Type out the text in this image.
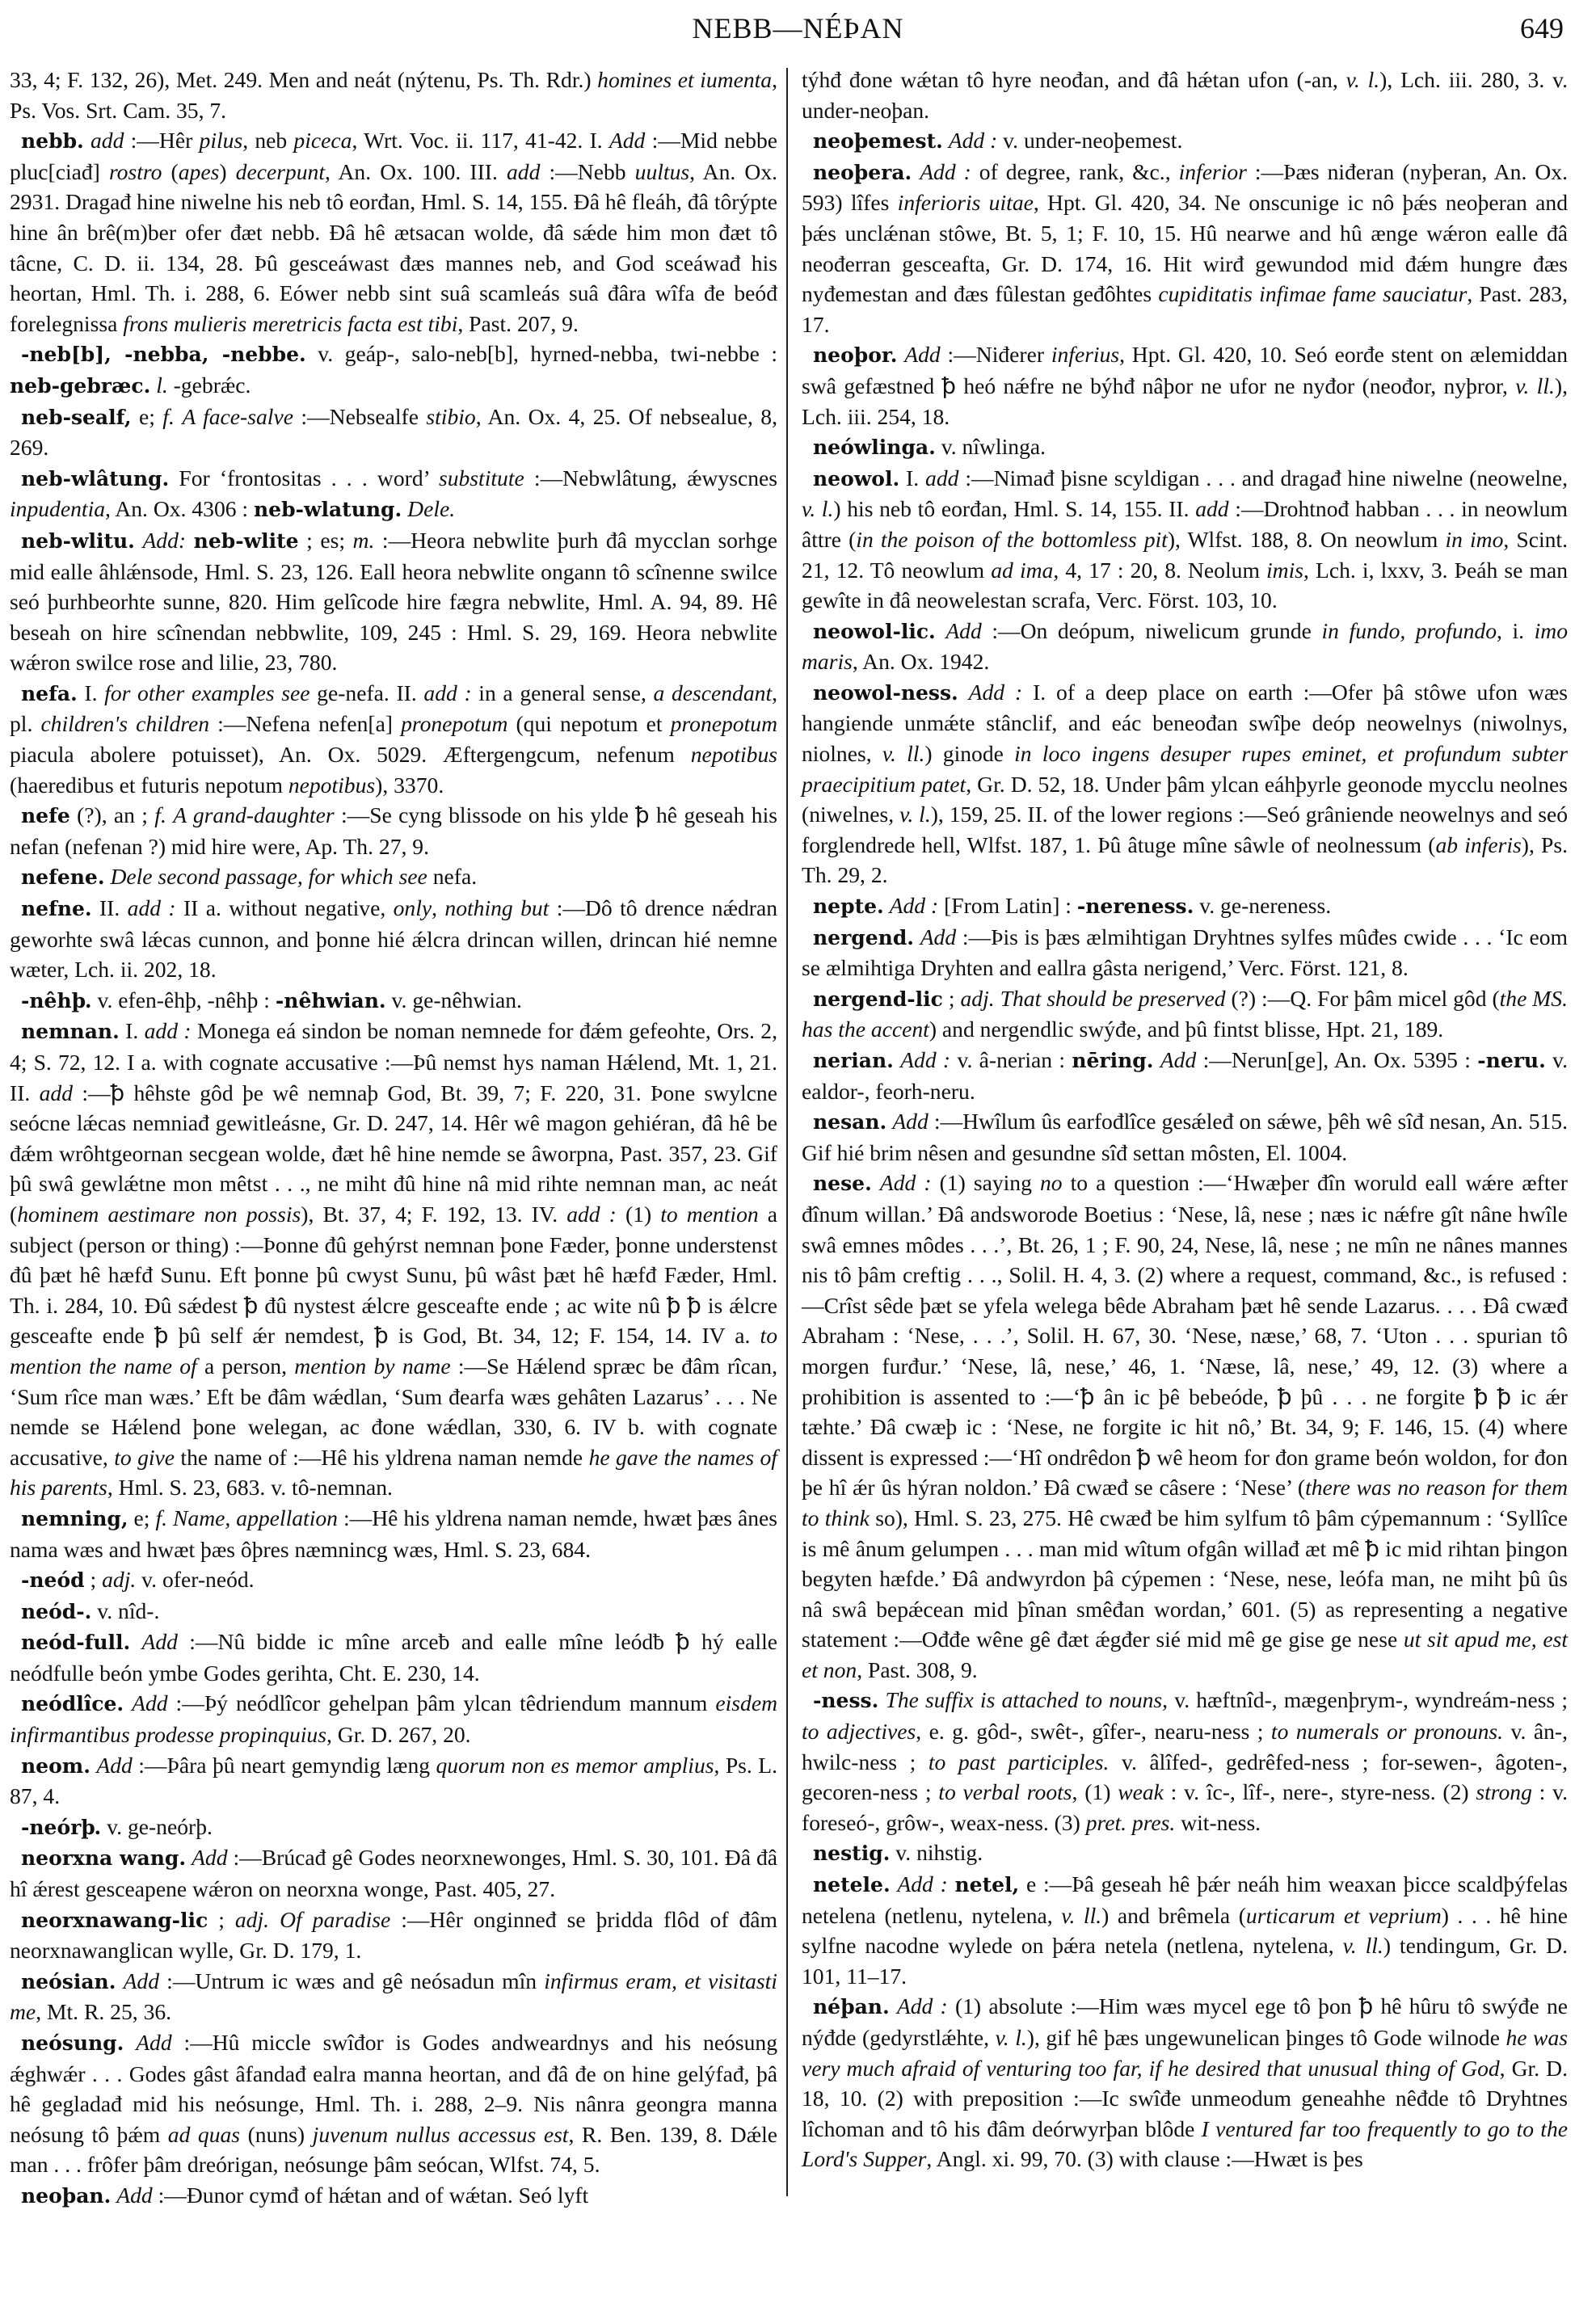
NEBB—NÉÞAN	649

33, 4; F. 132, 26), Met. 249. Men and neát (nýtenu, Ps. Th. Rdr.) homines et iumenta, Ps. Vos. Srt. Cam. 35, 7.

nebb. add :—Hêr pilus, neb piceca, Wrt. Voc. ii. 117, 41-42. I. Add :—Mid nebbe pluc[ciađ] rostro (apes) decerpunt, An. Ox. 100. III. add :—Nebb uultus, An. Ox. 2931. Dragađ hine niwelne his neb tô eorđan, Hml. S. 14, 155. Đâ hê fleáh, đâ tôrýpte hine ân brê(m)ber ofer đæt nebb. Đâ hê ætsacan wolde, đâ sǽde him mon đæt tô tâcne, C. D. ii. 134, 28. Þû gesceáwast đæs mannes neb, and God sceáwađ his heortan, Hml. Th. i. 288, 6. Eówer nebb sint suâ scamleás suâ đâra wîfa đe beóđ forelegnissa frons mulieris meretricis facta est tibi, Past. 207, 9.

-neb[b], -nebba, -nebbe. v. geáp-, salo-neb[b], hyrned-nebba, twi-nebbe : neb-gebræc. l. -gebrǽc.

neb-sealf, e; f. A face-salve :—Nebsealfe stibio, An. Ox. 4, 25. Of nebsealue, 8, 269.

neb-wlâtung. For ‘frontositas . . . word’ substitute :—Nebwlâtung, ǽwyscnes inpudentia, An. Ox. 4306 : neb-wlatung. Dele.

neb-wlitu. Add: neb-wlite ; es; m. :—Heora nebwlite þurh đâ mycclan sorhge mid ealle âhlǽnsode, Hml. S. 23, 126. Eall heora nebwlite ongann tô scînenne swilce seó þurhbeorhte sunne, 820. Him gelîcode hire fægra nebwlite, Hml. A. 94, 89. Hê beseah on hire scînendan nebbwlite, 109, 245 : Hml. S. 29, 169. Heora nebwlite wǽron swilce rose and lilie, 23, 780.

nefa. I. for other examples see ge-nefa. II. add : in a general sense, a descendant, pl. children's children :—Nefena nefen[a] pronepotum (qui nepotum et pronepotum piacula abolere potuisset), An. Ox. 5029. Æftergengcum, nefenum nepotibus (haeredibus et futuris nepotum nepotibus), 3370.

nefe (?), an ; f. A grand-daughter :—Se cyng blissode on his ylde ꝥ hê geseah his nefan (nefenan ?) mid hire were, Ap. Th. 27, 9.

nefene. Dele second passage, for which see nefa.

nefne. II. add : II a. without negative, only, nothing but :—Dô tô drence nǽdran geworhte swâ lǽcas cunnon, and þonne hié ǽlcra drincan willen, drincan hié nemne wæter, Lch. ii. 202, 18.

-nêhþ. v. efen-êhþ, -nêhþ : -nêhwian. v. ge-nêhwian.

nemnan. I. add : Monega eá sindon be noman nemnede for đǽm gefeohte, Ors. 2, 4; S. 72, 12. I a. with cognate accusative :—Þû nemst hys naman Hǽlend, Mt. 1, 21. II. add :—ꝥ hêhste gôd þe wê nemnaþ God, Bt. 39, 7; F. 220, 31. Þone swylcne seócne lǽcas nemniađ gewitleásne, Gr. D. 247, 14. Hêr wê magon gehiéran, đâ hê be đǽm wrôhtgeornan secgean wolde, đæt hê hine nemde se âworpna, Past. 357, 23. Gif þû swâ gewlǽtne mon mêtst . . ., ne miht đû hine nâ mid rihte nemnan man, ac neát (hominem aestimare non possis), Bt. 37, 4; F. 192, 13. IV. add : (1) to mention a subject (person or thing) :—Þonne đû gehýrst nemnan þone Fæder, þonne understenst đû þæt hê hæfđ Sunu. Eft þonne þû cwyst Sunu, þû wâst þæt hê hæfđ Fæder, Hml. Th. i. 284, 10. Đû sǽdest ꝥ đû nystest ǽlcre gesceafte ende ; ac wite nû ꝥ ꝥ is ǽlcre gesceafte ende ꝥ þû self ǽr nemdest, ꝥ is God, Bt. 34, 12; F. 154, 14. IV a. to mention the name of a person, mention by name :—Se Hǽlend spræc be đâm rîcan, ‘Sum rîce man wæs.’ Eft be đâm wǽdlan, ‘Sum đearfa wæs gehâten Lazarus’ . . . Ne nemde se Hǽlend þone welegan, ac đone wǽdlan, 330, 6. IV b. with cognate accusative, to give the name of :—Hê his yldrena naman nemde he gave the names of his parents, Hml. S. 23, 683. v. tô-nemnan.

nemning, e; f. Name, appellation :—Hê his yldrena naman nemde, hwæt þæs ânes nama wæs and hwæt þæs ôþres næmnincg wæs, Hml. S. 23, 684.

-neód ; adj. v. ofer-neód.

neód-. v. nîd-.

neód-full. Add :—Nû bidde ic mîne arceƀ and ealle mîne leódƀ ꝥ hý ealle neódfulle beón ymbe Godes gerihta, Cht. E. 230, 14.

neódlîce. Add :—Þý neódlîcor gehelpan þâm ylcan têdriendum mannum eisdem infirmantibus prodesse propinquius, Gr. D. 267, 20.

neom. Add :—Þâra þû neart gemyndig læng quorum non es memor amplius, Ps. L. 87, 4.

-neórþ. v. ge-neórþ.

neorxna wang. Add :—Brúcađ gê Godes neorxnewonges, Hml. S. 30, 101. Đâ đâ hî ǽrest gesceapene wǽron on neorxna wonge, Past. 405, 27.

neorxnawang-lic ; adj. Of paradise :—Hêr onginneđ se þridda flôd of đâm neorxnawanglican wylle, Gr. D. 179, 1.

neósian. Add :—Untrum ic wæs and gê neósadun mîn infirmus eram, et visitasti me, Mt. R. 25, 36.

neósung. Add :—Hû miccle swîđor is Godes andweardnys and his neósung ǽghwǽr . . . Godes gâst âfandađ ealra manna heortan, and đâ đe on hine gelýfađ, þâ hê gegladađ mid his neósunge, Hml. Th. i. 288, 2–9. Nis nânra geongra manna neósung tô þǽm ad quas (nuns) juvenum nullus accessus est, R. Ben. 139, 8. Dǽle man . . . frôfer þâm dreórigan, neósunge þâm seócan, Wlfst. 74, 5.

neoþan. Add :—Đunor cymđ of hǽtan and of wǽtan. Seó lyft

týhđ đone wǽtan tô hyre neođan, and đâ hǽtan ufon (-an, v. l.), Lch. iii. 280, 3. v. under-neoþan.

neoþemest. Add : v. under-neoþemest.

neoþera. Add : of degree, rank, &c., inferior :—Þæs niđeran (nyþeran, An. Ox. 593) lîfes inferioris uitae, Hpt. Gl. 420, 34. Ne onscunige ic nô þǽs neoþeran and þǽs unclǽnan stôwe, Bt. 5, 1; F. 10, 15. Hû nearwe and hû ænge wǽron ealle đâ neođerran gesceafta, Gr. D. 174, 16. Hit wirđ gewundod mid đǽm hungre đæs nyđemestan and đæs fûlestan geđôhtes cupiditatis infimae fame sauciatur, Past. 283, 17.

neoþor. Add :—Niđerer inferius, Hpt. Gl. 420, 10. Seó eorđe stent on ælemiddan swâ gefæstned ꝥ heó nǽfre ne býhđ nâþor ne ufor ne nyđor (neođor, nyþror, v. ll.), Lch. iii. 254, 18.

neówlinga. v. nîwlinga.

neowol. I. add :—Nimađ þisne scyldigan . . . and dragađ hine niwelne (neowelne, v. l.) his neb tô eorđan, Hml. S. 14, 155. II. add :—Drohtnođ habban . . . in neowlum âttre (in the poison of the bottomless pit), Wlfst. 188, 8. On neowlum in imo, Scint. 21, 12. Tô neowlum ad ima, 4, 17 : 20, 8. Neolum imis, Lch. i, lxxv, 3. Þeáh se man gewîte in đâ neowelestan scrafa, Verc. Först. 103, 10.

neowol-lic. Add :—On deópum, niwelicum grunde in fundo, profundo, i. imo maris, An. Ox. 1942.

neowol-ness. Add : I. of a deep place on earth :—Ofer þâ stôwe ufon wæs hangiende unmǽte stânclif, and eác beneođan swîþe deóp neowelnys (niwolnys, niolnes, v. ll.) ginode in loco ingens desuper rupes eminet, et profundum subter praecipitium patet, Gr. D. 52, 18. Under þâm ylcan eáhþyrle geonode mycclu neolnes (niwelnes, v. l.), 159, 25. II. of the lower regions :—Seó grâniende neowelnys and seó forglendrede hell, Wlfst. 187, 1. Þû âtuge mîne sâwle of neolnessum (ab inferis), Ps. Th. 29, 2.

nepte. Add : [From Latin] : -nereness. v. ge-nereness.

nergend. Add :—Þis is þæs ælmihtigan Dryhtnes sylfes mûđes cwide . . . ‘Ic eom se ælmihtiga Dryhten and eallra gâsta nerigend,’ Verc. Först. 121, 8.

nergend-lic ; adj. That should be preserved (?) :—Q. For þâm micel gôd (the MS. has the accent) and nergendlic swýđe, and þû fintst blisse, Hpt. 21, 189.

nerian. Add : v. â-nerian : nēring. Add :—Nerun[ge], An. Ox. 5395 : -neru. v. ealdor-, feorh-neru.

nesan. Add :—Hwîlum ûs earfođlîce gesǽleđ on sǽwe, þêh wê sîđ nesan, An. 515. Gif hié brim nêsen and gesundne sîđ settan môsten, El. 1004.

nese. Add : (1) saying no to a question :—‘Hwæþer đîn woruld eall wǽre æfter đînum willan.’ Đâ andsworode Boetius : ‘Nese, lâ, nese ; næs ic nǽfre gît nâne hwîle swâ emnes môdes . . .’, Bt. 26, 1 ; F. 90, 24, Nese, lâ, nese ; ne mîn ne nânes mannes nis tô þâm creftig . . ., Solil. H. 4, 3. (2) where a request, command, &c., is refused :—Crîst sêde þæt se yfela welega bêde Abraham þæt hê sende Lazarus. . . . Đâ cwæđ Abraham : ‘Nese, . . .’, Solil. H. 67, 30. ‘Nese, næse,’ 68, 7. ‘Uton . . . spurian tô morgen furđur.’ ‘Nese, lâ, nese,’ 46, 1. ‘Næse, lâ, nese,’ 49, 12. (3) where a prohibition is assented to :—‘ꝥ ân ic þê bebeóde, ꝥ þû . . . ne forgite ꝥ ꝥ ic ǽr tæhte.’ Đâ cwæþ ic : ‘Nese, ne forgite ic hit nô,’ Bt. 34, 9; F. 146, 15. (4) where dissent is expressed :—‘Hî ondrêdon ꝥ wê heom for đon grame beón woldon, for đon þe hî ǽr ûs hýran noldon.’ Đâ cwæđ se câsere : ‘Nese’ (there was no reason for them to think so), Hml. S. 23, 275. Hê cwæđ be him sylfum tô þâm cýpemannum : ‘Syllîce is mê ânum gelumpen . . . man mid wîtum ofgân willađ æt mê ꝥ ic mid rihtan þingon begyten hæfde.’ Đâ andwyrdon þâ cýpemen : ‘Nese, nese, leófa man, ne miht þû ûs nâ swâ bepǽcean mid þînan smêđan wordan,’ 601. (5) as representing a negative statement :—Ođđe wêne gê đæt ǽgđer sié mid mê ge gise ge nese ut sit apud me, est et non, Past. 308, 9.

-ness. The suffix is attached to nouns, v. hæftnîd-, mægenþrym-, wyndreám-ness ; to adjectives, e. g. gôd-, swêt-, gîfer-, nearu-ness ; to numerals or pronouns. v. ân-, hwilc-ness ; to past participles. v. âlîfed-, gedrêfed-ness ; for-sewen-, âgoten-, gecoren-ness ; to verbal roots, (1) weak : v. îc-, lîf-, nere-, styre-ness. (2) strong : v. foreseó-, grôw-, weax-ness. (3) pret. pres. wit-ness.

nestig. v. nihstig.

netele. Add : netel, e :—Þâ geseah hê þǽr neáh him weaxan þicce scaldþýfelas netelena (netlenu, nytelena, v. ll.) and brêmela (urticarum et veprium) . . . hê hine sylfne nacodne wylede on þǽra netela (netlena, nytelena, v. ll.) tendingum, Gr. D. 101, 11–17.

néþan. Add : (1) absolute :—Him wæs mycel ege tô þon ꝥ hê hûru tô swýđe ne nýđde (gedyrstlǽhte, v. l.), gif hê þæs ungewunelican þinges tô Gode wilnode he was very much afraid of venturing too far, if he desired that unusual thing of God, Gr. D. 18, 10. (2) with preposition :—Ic swîđe unmeodum geneahhe nêđde tô Dryhtnes lîchoman and tô his đâm deórwyrþan blôde I ventured far too frequently to go to the Lord's Supper, Angl. xi. 99, 70. (3) with clause :—Hwæt is þes
